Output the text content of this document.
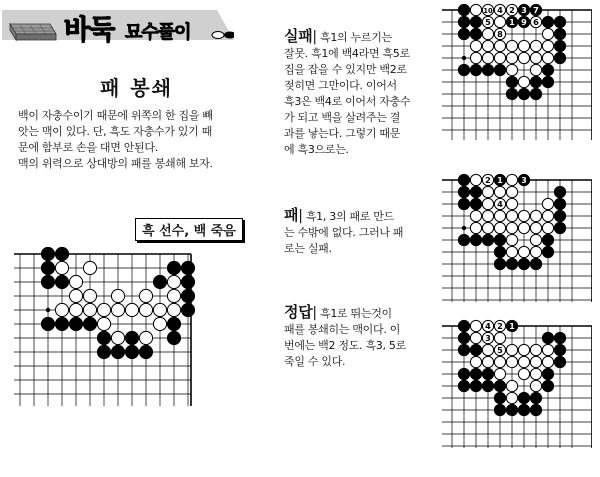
바둑 묘수풀이
패 봉쇄

백이 자충수이기 때문에 위쪽의 한 집을 빼

앗는 맥이 있다. 단, 흑도 자충수가 있기 때

문에 함부로 손을 대면 안된다.

맥의 위력으로 상대방의 패를 봉쇄해 보자.

흑 선수, 백 죽음

실패| 흑1의 누르기는

잘못. 흑1에 백4라면 흑5로

집을 잡을 수 있지만 백2로

젖히면 그만이다. 이어서

흑3은 백4로 이어서 자충수

가 되고 백을 살려주는 결

과를 낳는다. 그렇기 때문

에 흑3으로는.

패| 흑1, 3의 패로 만드

는 수밖에 없다. 그러나 패

로는 실패.

정답| 흑1로 뛰는것이

패를 봉쇄히는 맥이다. 이

번에는 백2 정도. 흑3, 5로

죽일 수 있다.

10 4 2 3 7
5 1 9 6
8
2 1 3
4
4 2 1
3
5
